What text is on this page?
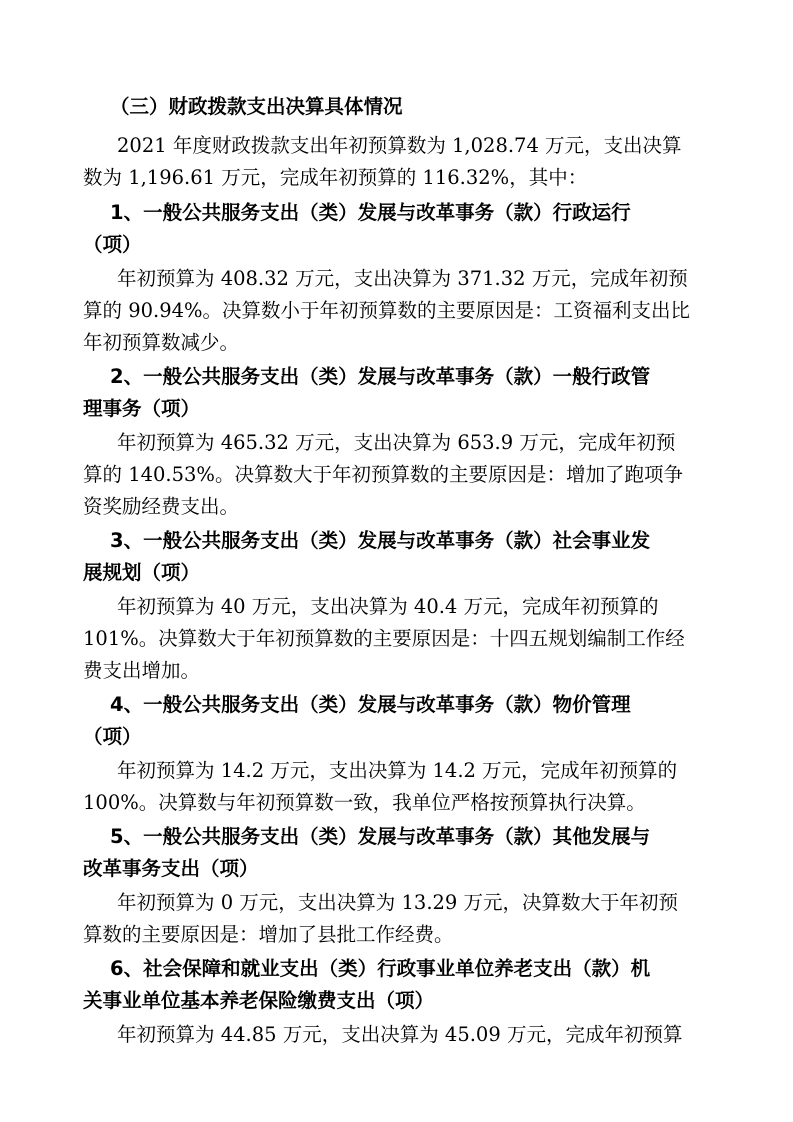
（三）财政拨款支出决算具体情况
2021 年度财政拨款支出年初预算数为 1,028.74 万元，支出决算
数为 1,196.61 万元，完成年初预算的 116.32%，其中：
1、一般公共服务支出（类）发展与改革事务（款）行政运行
（项）
年初预算为 408.32 万元，支出决算为 371.32 万元，完成年初预
算的 90.94%。决算数小于年初预算数的主要原因是：工资福利支出比
年初预算数减少。
2、一般公共服务支出（类）发展与改革事务（款）一般行政管
理事务（项）
年初预算为 465.32 万元，支出决算为 653.9 万元，完成年初预
算的 140.53%。决算数大于年初预算数的主要原因是：增加了跑项争
资奖励经费支出。
3、一般公共服务支出（类）发展与改革事务（款）社会事业发
展规划（项）
年初预算为 40 万元，支出决算为 40.4 万元，完成年初预算的
101%。决算数大于年初预算数的主要原因是：十四五规划编制工作经
费支出增加。
4、一般公共服务支出（类）发展与改革事务（款）物价管理
（项）
年初预算为 14.2 万元，支出决算为 14.2 万元，完成年初预算的
100%。决算数与年初预算数一致，我单位严格按预算执行决算。
5、一般公共服务支出（类）发展与改革事务（款）其他发展与
改革事务支出（项）
年初预算为 0 万元，支出决算为 13.29 万元，决算数大于年初预
算数的主要原因是：增加了县批工作经费。
6、社会保障和就业支出（类）行政事业单位养老支出（款）机
关事业单位基本养老保险缴费支出（项）
年初预算为 44.85 万元，支出决算为 45.09 万元，完成年初预算
